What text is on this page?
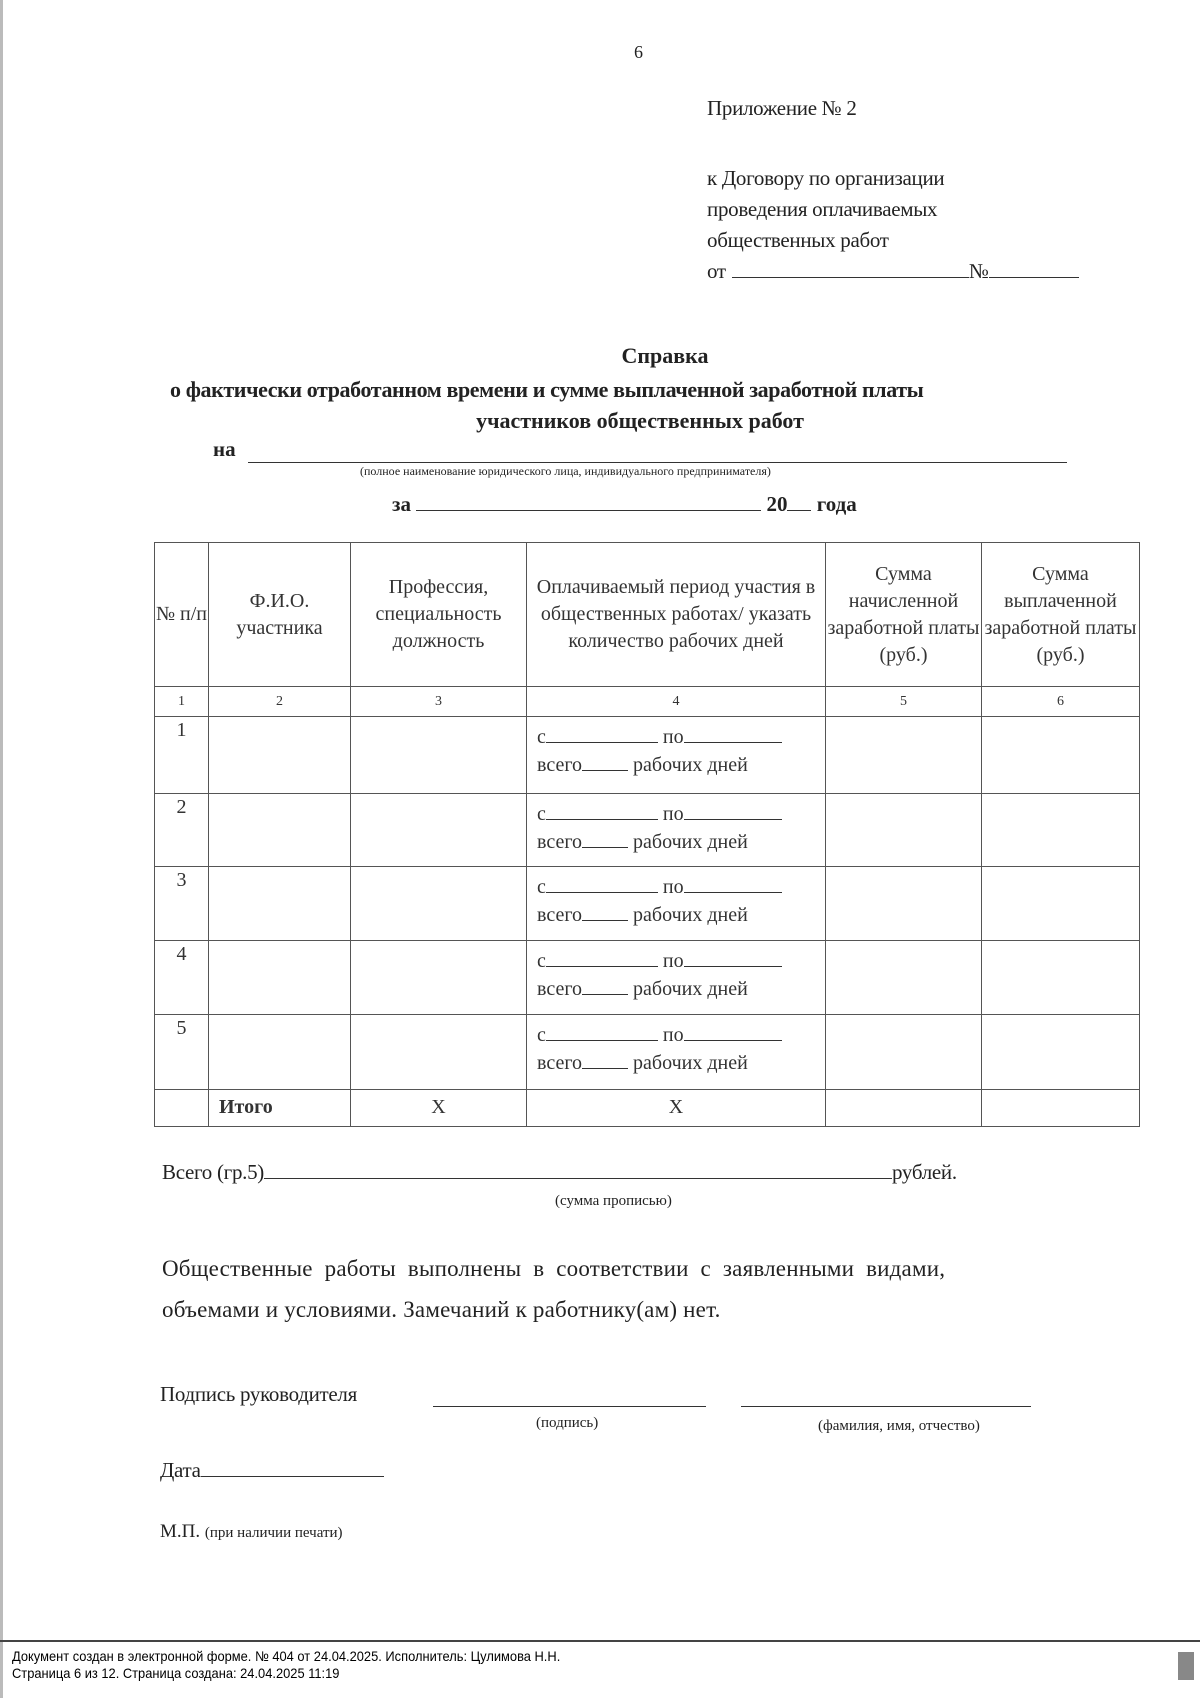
6
Приложение № 2
к Договору по организации
проведения оплачиваемых
общественных работ
от	№
Справка
о фактически отработанном времени и сумме выплаченной заработной платы
участников общественных работ
на
(полное наименование юридического лица, индивидуального предпринимателя)
за	20 года
№ п/п	Ф.И.О. участника	Профессия, специальность должность	Оплачиваемый период участия в общественных работах/ указать количество рабочих дней	Сумма начисленной заработной платы (руб.)	Сумма выплаченной заработной платы (руб.)
1	2	3	4	5	6
1			с по
всего рабочих дней		
2			с по
всего рабочих дней		
3			с по
всего рабочих дней		
4			с по
всего рабочих дней		
5			с по
всего рабочих дней		
	Итого	X	X		
Всего (гр.5)	рублей.
(сумма прописью)
Общественные работы выполнены в соответствии с заявленными видами,
объемами и условиями. Замечаний к работнику(ам) нет.
Подпись руководителя
(подпись)	(фамилия, имя, отчество)
Дата
М.П. (при наличии печати)
Документ создан в электронной форме. № 404 от 24.04.2025. Исполнитель: Цулимова Н.Н.
Страница 6 из 12. Страница создана: 24.04.2025 11:19
